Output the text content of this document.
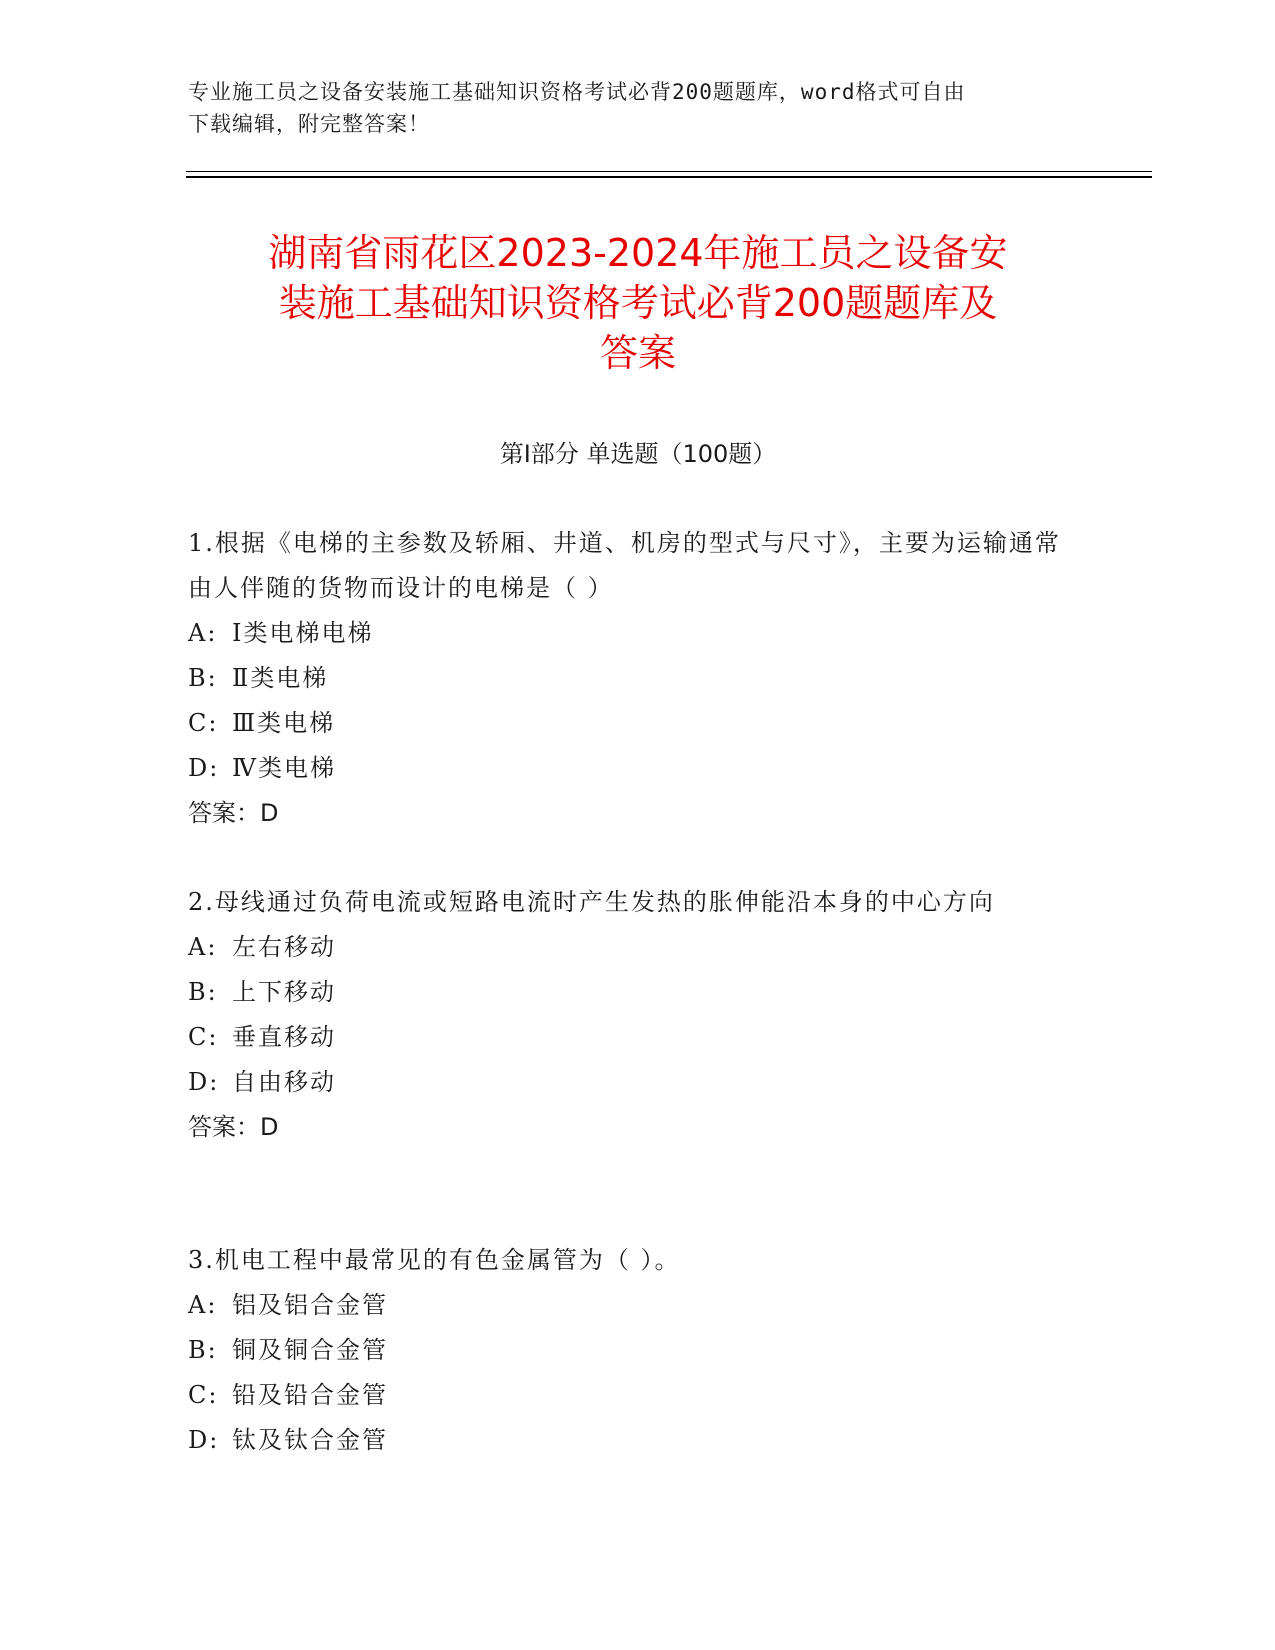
专业施工员之设备安装施工基础知识资格考试必背200题题库，word格式可自由
下载编辑，附完整答案！
湖南省雨花区2023-2024年施工员之设备安
装施工基础知识资格考试必背200题题库及
答案
第Ⅰ部分 单选题（100题）
1.根据《电梯的主参数及轿厢、井道、机房的型式与尺寸》，主要为运输通常由人伴随的货物而设计的电梯是（ ）
A: Ⅰ类电梯电梯
B: Ⅱ类电梯
C: Ⅲ类电梯
D: Ⅳ类电梯
答案：D
2.母线通过负荷电流或短路电流时产生发热的胀伸能沿本身的中心方向
A: 左右移动
B: 上下移动
C: 垂直移动
D: 自由移动
答案：D
3.机电工程中最常见的有色金属管为（ ）。
A: 铝及铝合金管
B: 铜及铜合金管
C: 铅及铅合金管
D: 钛及钛合金管
